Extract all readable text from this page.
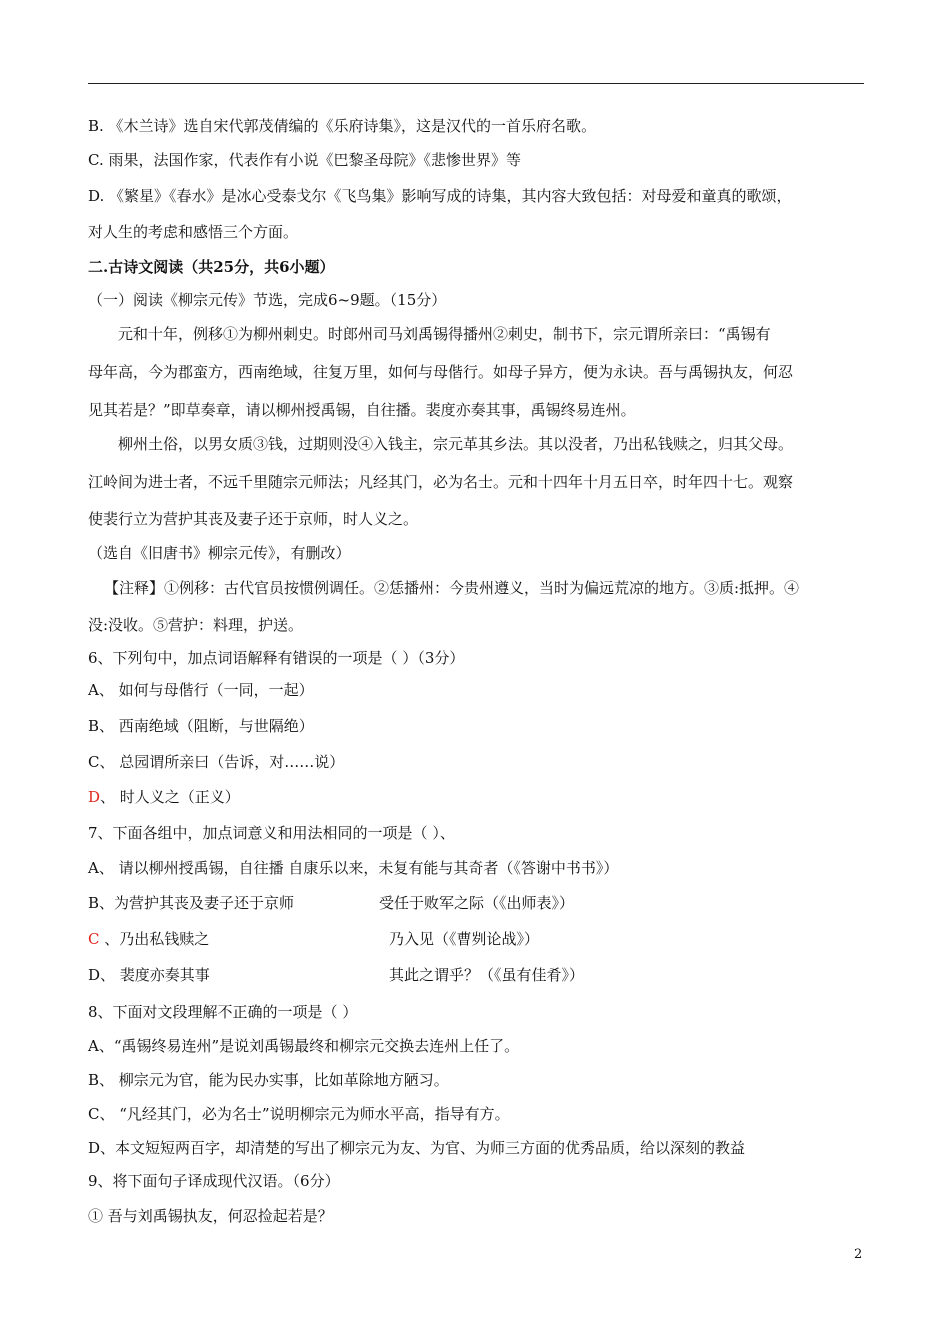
B. 《木兰诗》选自宋代郭茂倩编的《乐府诗集》，这是汉代的一首乐府名歌。
C. 雨果，法国作家，代表作有小说《巴黎圣母院》《悲惨世界》等
D. 《繁星》《春水》是冰心受泰戈尔《飞鸟集》影响写成的诗集，其内容大致包括：对母爱和童真的歌颂，
对人生的考虑和感悟三个方面。
二.古诗文阅读（共25分，共6小题）
（一）阅读《柳宗元传》节选，完成6~9题。（15分）
元和十年，例移①为柳州刺史。时郎州司马刘禹锡得播州②刺史，制书下，宗元谓所亲曰：“禹锡有
母年高，今为郡蛮方，西南绝域，往复万里，如何与母偕行。如母子异方，便为永诀。吾与禹锡执友，何忍
见其若是？”即草奏章，请以柳州授禹锡，自往播。裴度亦奏其事，禹锡终易连州。
柳州土俗，以男女质③钱，过期则没④入钱主，宗元革其乡法。其以没者，乃出私钱赎之，归其父母。
江岭间为进士者，不远千里随宗元师法；凡经其门，必为名士。元和十四年十月五日卒，时年四十七。观察
使裴行立为营护其丧及妻子还于京师，时人义之。
（选自《旧唐书》柳宗元传》，有删改）
【注释】①例移：古代官员按惯例调任。②恁播州：今贵州遵义，当时为偏远荒凉的地方。③质:抵押。④
没:没收。⑤营护：料理，护送。
6、下列句中，加点词语解释有错误的一项是（ ）（3分）
A、 如何与母偕行（一同，一起）
B、 西南绝域（阻断，与世隔绝）
C、 总园谓所亲曰（告诉，对……说）
D、 时人义之（正义）
7、下面各组中，加点词意义和用法相同的一项是（ ）、
A、 请以柳州授禹锡，自往播 自康乐以来，未复有能与其奇者（《答谢中书书》）
B、为营护其丧及妻子还于京师	受任于败军之际（《出师表》）
C 、乃出私钱赎之	乃入见（《曹刿论战》）
D、 裴度亦奏其事	其此之谓乎？（《虽有佳肴》）
8、下面对文段理解不正确的一项是（ ）
A、“禹锡终易连州”是说刘禹锡最终和柳宗元交换去连州上任了。
B、 柳宗元为官，能为民办实事，比如革除地方陋习。
C、 “凡经其门，必为名士”说明柳宗元为师水平高，指导有方。
D、本文短短两百字，却清楚的写出了柳宗元为友、为官、为师三方面的优秀品质，给以深刻的教益
9、将下面句子译成现代汉语。（6分）
① 吾与刘禹锡执友，何忍捡起若是？
2
